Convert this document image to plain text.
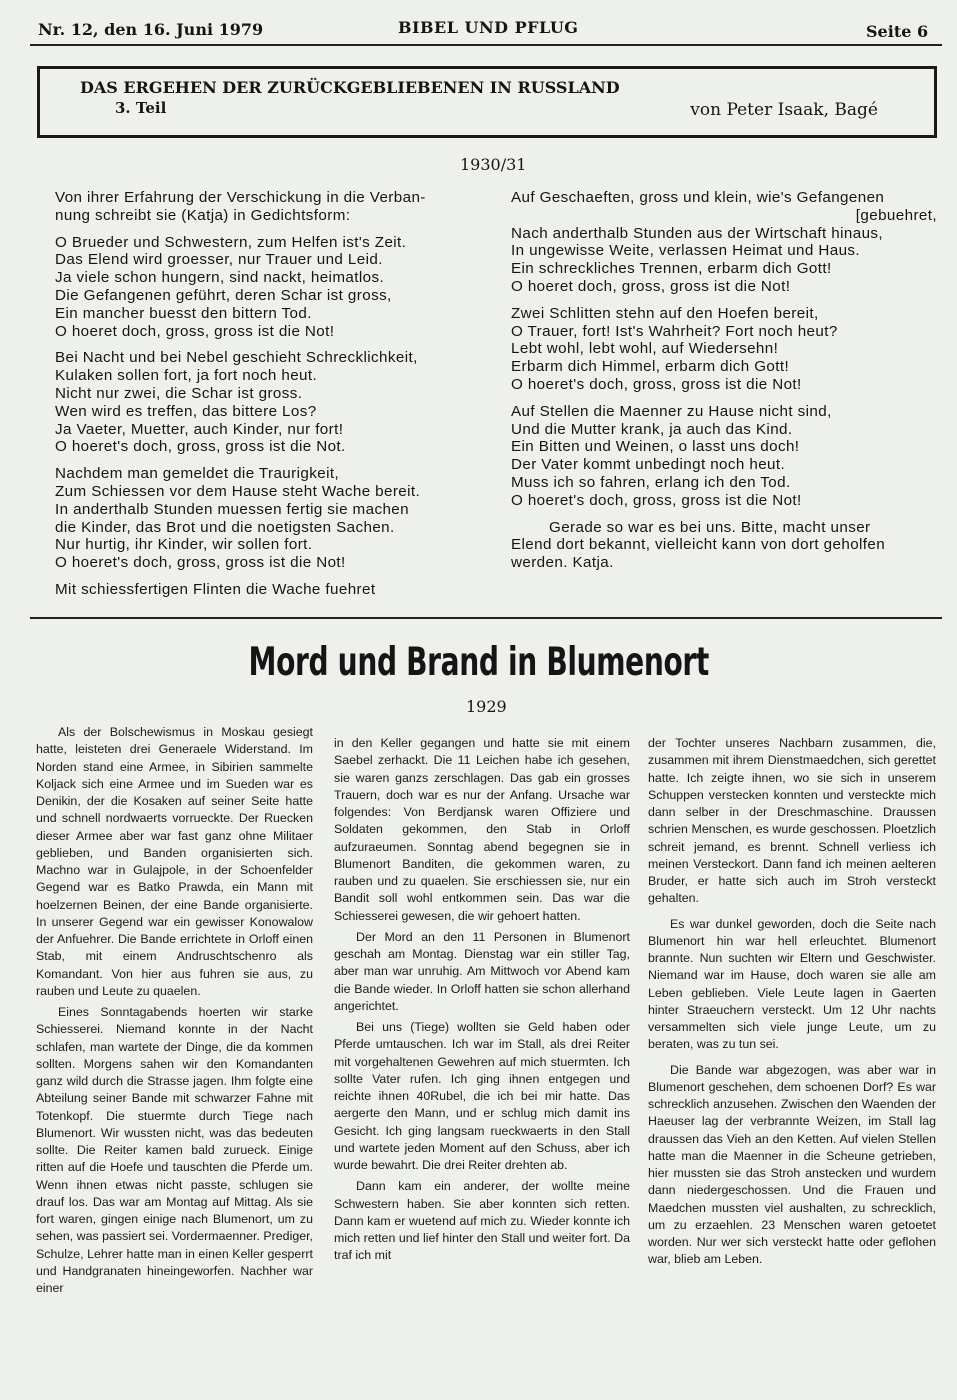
Nr. 12, den 16. Juni 1979	BIBEL UND PFLUG	Seite 6
DAS ERGEHEN DER ZURÜCKGEBLIEBENEN IN RUSSLAND
3. Teil	von Peter Isaak, Bagé
1930/31
Von ihrer Erfahrung der Verschickung in die Verban-
nung schreibt sie (Katja) in Gedichtsform:
O Brueder und Schwestern, zum Helfen ist's Zeit.
Das Elend wird groesser, nur Trauer und Leid.
Ja viele schon hungern, sind nackt, heimatlos.
Die Gefangenen geführt, deren Schar ist gross,
Ein mancher buesst den bittern Tod.
O hoeret doch, gross, gross ist die Not!
Bei Nacht und bei Nebel geschieht Schrecklichkeit,
Kulaken sollen fort, ja fort noch heut.
Nicht nur zwei, die Schar ist gross.
Wen wird es treffen, das bittere Los?
Ja Vaeter, Muetter, auch Kinder, nur fort!
O hoeret's doch, gross, gross ist die Not.
Nachdem man gemeldet die Traurigkeit,
Zum Schiessen vor dem Hause steht Wache bereit.
In anderthalb Stunden muessen fertig sie machen
die Kinder, das Brot und die noetigsten Sachen.
Nur hurtig, ihr Kinder, wir sollen fort.
O hoeret's doch, gross, gross ist die Not!
Mit schiessfertigen Flinten die Wache fuehret
Auf Geschaeften, gross und klein, wie's Gefangenen
[gebuehret,
Nach anderthalb Stunden aus der Wirtschaft hinaus,
In ungewisse Weite, verlassen Heimat und Haus.
Ein schreckliches Trennen, erbarm dich Gott!
O hoeret doch, gross, gross ist die Not!
Zwei Schlitten stehn auf den Hoefen bereit,
O Trauer, fort! Ist's Wahrheit? Fort noch heut?
Lebt wohl, lebt wohl, auf Wiedersehn!
Erbarm dich Himmel, erbarm dich Gott!
O hoeret's doch, gross, gross ist die Not!
Auf Stellen die Maenner zu Hause nicht sind,
Und die Mutter krank, ja auch das Kind.
Ein Bitten und Weinen, o lasst uns doch!
Der Vater kommt unbedingt noch heut.
Muss ich so fahren, erlang ich den Tod.
O hoeret's doch, gross, gross ist die Not!
Gerade so war es bei uns. Bitte, macht unser
Elend dort bekannt, vielleicht kann von dort geholfen
werden. Katja.
Mord und Brand in Blumenort
1929

Als der Bolschewismus in Moskau gesiegt hatte, leisteten drei Generaele Widerstand. Im Norden stand eine Armee, in Sibirien sammelte Koljack sich eine Armee und im Sueden war es Denikin, der die Kosaken auf seiner Seite hatte und schnell nordwaerts vorrueckte. Der Ruecken dieser Armee aber war fast ganz ohne Militaer geblieben, und Banden organisierten sich. Machno war in Gulajpole, in der Schoenfelder Gegend war es Batko Prawda, ein Mann mit hoelzernen Beinen, der eine Bande organisierte. In unserer Gegend war ein gewisser Konowalow der Anfuehrer. Die Bande errichtete in Orloff einen Stab, mit einem Andruschtschenro als Komandant. Von hier aus fuhren sie aus, zu rauben und Leute zu quaelen.

Eines Sonntagabends hoerten wir starke Schiesserei. Niemand konnte in der Nacht schlafen, man wartete der Dinge, die da kommen sollten. Morgens sahen wir den Komandanten ganz wild durch die Strasse jagen. Ihm folgte eine Abteilung seiner Bande mit schwarzer Fahne mit Totenkopf. Die stuermte durch Tiege nach Blumenort. Wir wussten nicht, was das bedeuten sollte. Die Reiter kamen bald zurueck. Einige ritten auf die Hoefe und tauschten die Pferde um. Wenn ihnen etwas nicht passte, schlugen sie drauf los. Das war am Montag auf Mittag. Als sie fort waren, gingen einige nach Blumenort, um zu sehen, was passiert sei. Vordermaenner. Prediger, Schulze, Lehrer hatte man in einen Keller gesperrt und Handgranaten hineingeworfen. Nachher war einer

in den Keller gegangen und hatte sie mit einem Saebel zerhackt. Die 11 Leichen habe ich gesehen, sie waren ganzs zerschlagen. Das gab ein grosses Trauern, doch war es nur der Anfang. Ursache war folgendes: Von Berdjansk waren Offiziere und Soldaten gekommen, den Stab in Orloff aufzuraeumen. Sonntag abend begegnen sie in Blumenort Banditen, die gekommen waren, zu rauben und zu quaelen. Sie erschiessen sie, nur ein Bandit soll wohl entkommen sein. Das war die Schiesserei gewesen, die wir gehoert hatten.

Der Mord an den 11 Personen in Blumenort geschah am Montag. Dienstag war ein stiller Tag, aber man war unruhig. Am Mittwoch vor Abend kam die Bande wieder. In Orloff hatten sie schon allerhand angerichtet.

Bei uns (Tiege) wollten sie Geld haben oder Pferde umtauschen. Ich war im Stall, als drei Reiter mit vorgehaltenen Gewehren auf mich stuermten. Ich sollte Vater rufen. Ich ging ihnen entgegen und reichte ihnen 40Rubel, die ich bei mir hatte. Das aergerte den Mann, und er schlug mich damit ins Gesicht. Ich ging langsam rueckwaerts in den Stall und wartete jeden Moment auf den Schuss, aber ich wurde bewahrt. Die drei Reiter drehten ab.

Dann kam ein anderer, der wollte meine Schwestern haben. Sie aber konnten sich retten. Dann kam er wuetend auf mich zu. Wieder konnte ich mich retten und lief hinter den Stall und weiter fort. Da traf ich mit

der Tochter unseres Nachbarn zusammen, die, zusammen mit ihrem Dienstmaedchen, sich gerettet hatte. Ich zeigte ihnen, wo sie sich in unserem Schuppen verstecken konnten und versteckte mich dann selber in der Dreschmaschine. Draussen schrien Menschen, es wurde geschossen. Ploetzlich schreit jemand, es brennt. Schnell verliess ich meinen Versteckort. Dann fand ich meinen aelteren Bruder, er hatte sich auch im Stroh versteckt gehalten.

Es war dunkel geworden, doch die Seite nach Blumenort hin war hell erleuchtet. Blumenort brannte. Nun suchten wir Eltern und Geschwister. Niemand war im Hause, doch waren sie alle am Leben geblieben. Viele Leute lagen in Gaerten hinter Straeuchern versteckt. Um 12 Uhr nachts versammelten sich viele junge Leute, um zu beraten, was zu tun sei.

Die Bande war abgezogen, was aber war in Blumenort geschehen, dem schoenen Dorf? Es war schrecklich anzusehen. Zwischen den Waenden der Haeuser lag der verbrannte Weizen, im Stall lag draussen das Vieh an den Ketten. Auf vielen Stellen hatte man die Maenner in die Scheune getrieben, hier mussten sie das Stroh anstecken und wurdem dann niedergeschossen. Und die Frauen und Maedchen mussten viel aushalten, zu schrecklich, um zu erzaehlen. 23 Menschen waren getoetet worden. Nur wer sich versteckt hatte oder geflohen war, blieb am Leben.
